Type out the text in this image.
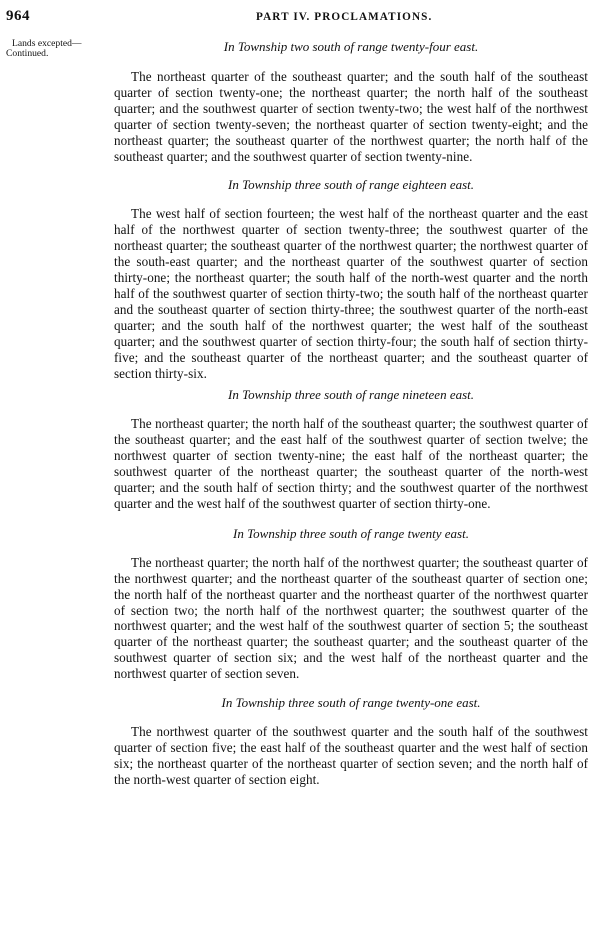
964	PART IV. PROCLAMATIONS.
Lands excepted—
Continued.	In Township two south of range twenty-four east.

The northeast quarter of the southeast quarter; and the south half of the southeast quarter of section twenty-one; the northeast quarter; the north half of the southeast quarter; and the southwest quarter of section twenty-two; the west half of the northwest quarter of section twenty-seven; the northeast quarter of section twenty-eight; and the northeast quarter; the southeast quarter of the northwest quarter; the north half of the southeast quarter; and the southwest quarter of section twenty-nine.

In Township three south of range eighteen east.

The west half of section fourteen; the west half of the northeast quarter and the east half of the northwest quarter of section twenty-three; the southwest quarter of the northeast quarter; the southeast quarter of the northwest quarter; the northwest quarter of the south-east quarter; and the northeast quarter of the southwest quarter of section thirty-one; the northeast quarter; the south half of the north-west quarter and the north half of the southwest quarter of section thirty-two; the south half of the northeast quarter and the southeast quarter of section thirty-three; the southwest quarter of the north-east quarter; and the south half of the northwest quarter; the west half of the southeast quarter; and the southwest quarter of section thirty-four; the south half of section thirty-five; and the southeast quarter of the northeast quarter; and the southeast quarter of section thirty-six.

In Township three south of range nineteen east.

The northeast quarter; the north half of the southeast quarter; the southwest quarter of the southeast quarter; and the east half of the southwest quarter of section twelve; the northwest quarter of section twenty-nine; the east half of the northeast quarter; the southwest quarter of the northeast quarter; the southeast quarter of the north-west quarter; and the south half of section thirty; and the southwest quarter of the northwest quarter and the west half of the southwest quarter of section thirty-one.

In Township three south of range twenty east.

The northeast quarter; the north half of the northwest quarter; the southeast quarter of the northwest quarter; and the northeast quarter of the southeast quarter of section one; the north half of the northeast quarter and the northeast quarter of the northwest quarter of section two; the north half of the northwest quarter; the southwest quarter of the northwest quarter; and the west half of the southwest quarter of section 5; the southeast quarter of the northeast quarter; the southeast quarter; and the southeast quarter of the southwest quarter of section six; and the west half of the northeast quarter and the northwest quarter of section seven.

In Township three south of range twenty-one east.

The northwest quarter of the southwest quarter and the south half of the southwest quarter of section five; the east half of the southeast quarter and the west half of section six; the northeast quarter of the northeast quarter of section seven; and the north half of the north-west quarter of section eight.
